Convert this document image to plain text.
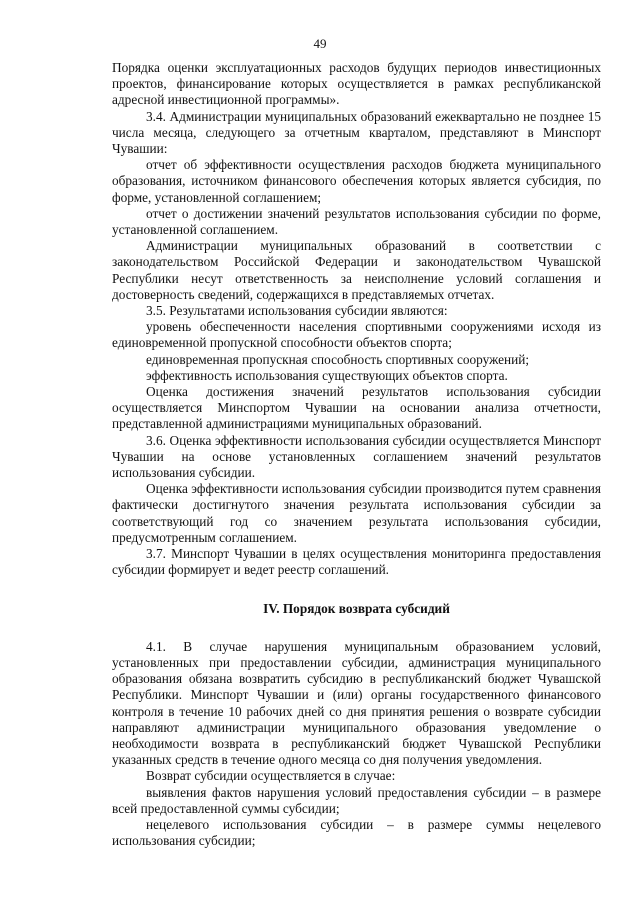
49

Порядка оценки эксплуатационных расходов будущих периодов инвестиционных проектов, финансирование которых осуществляется в рамках республиканской адресной инвестиционной программы».

3.4. Администрации муниципальных образований ежеквартально не позднее 15 числа месяца, следующего за отчетным кварталом, представляют в Минспорт Чувашии:

отчет об эффективности осуществления расходов бюджета муниципального образования, источником финансового обеспечения которых является субсидия, по форме, установленной соглашением;

отчет о достижении значений результатов использования субсидии по форме, установленной соглашением.

Администрации муниципальных образований в соответствии с законодательством Российской Федерации и законодательством Чувашской Республики несут ответственность за неисполнение условий соглашения и достоверность сведений, содержащихся в представляемых отчетах.

3.5. Результатами использования субсидии являются:

уровень обеспеченности населения спортивными сооружениями исходя из единовременной пропускной способности объектов спорта;

единовременная пропускная способность спортивных сооружений;

эффективность использования существующих объектов спорта.

Оценка достижения значений результатов использования субсидии осуществляется Минспортом Чувашии на основании анализа отчетности, представленной администрациями муниципальных образований.

3.6. Оценка эффективности использования субсидии осуществляется Минспорт Чувашии на основе установленных соглашением значений результатов использования субсидии.

Оценка эффективности использования субсидии производится путем сравнения фактически достигнутого значения результата использования субсидии за соответствующий год со значением результата использования субсидии, предусмотренным соглашением.

3.7. Минспорт Чувашии в целях осуществления мониторинга предоставления субсидии формирует и ведет реестр соглашений.

IV. Порядок возврата субсидий

4.1. В случае нарушения муниципальным образованием условий, установленных при предоставлении субсидии, администрация муниципального образования обязана возвратить субсидию в республиканский бюджет Чувашской Республики. Минспорт Чувашии и (или) органы государственного финансового контроля в течение 10 рабочих дней со дня принятия решения о возврате субсидии направляют администрации муниципального образования уведомление о необходимости возврата в республиканский бюджет Чувашской Республики указанных средств в течение одного месяца со дня получения уведомления.

Возврат субсидии осуществляется в случае:

выявления фактов нарушения условий предоставления субсидии – в размере всей предоставленной суммы субсидии;

нецелевого использования субсидии – в размере суммы нецелевого использования субсидии;
